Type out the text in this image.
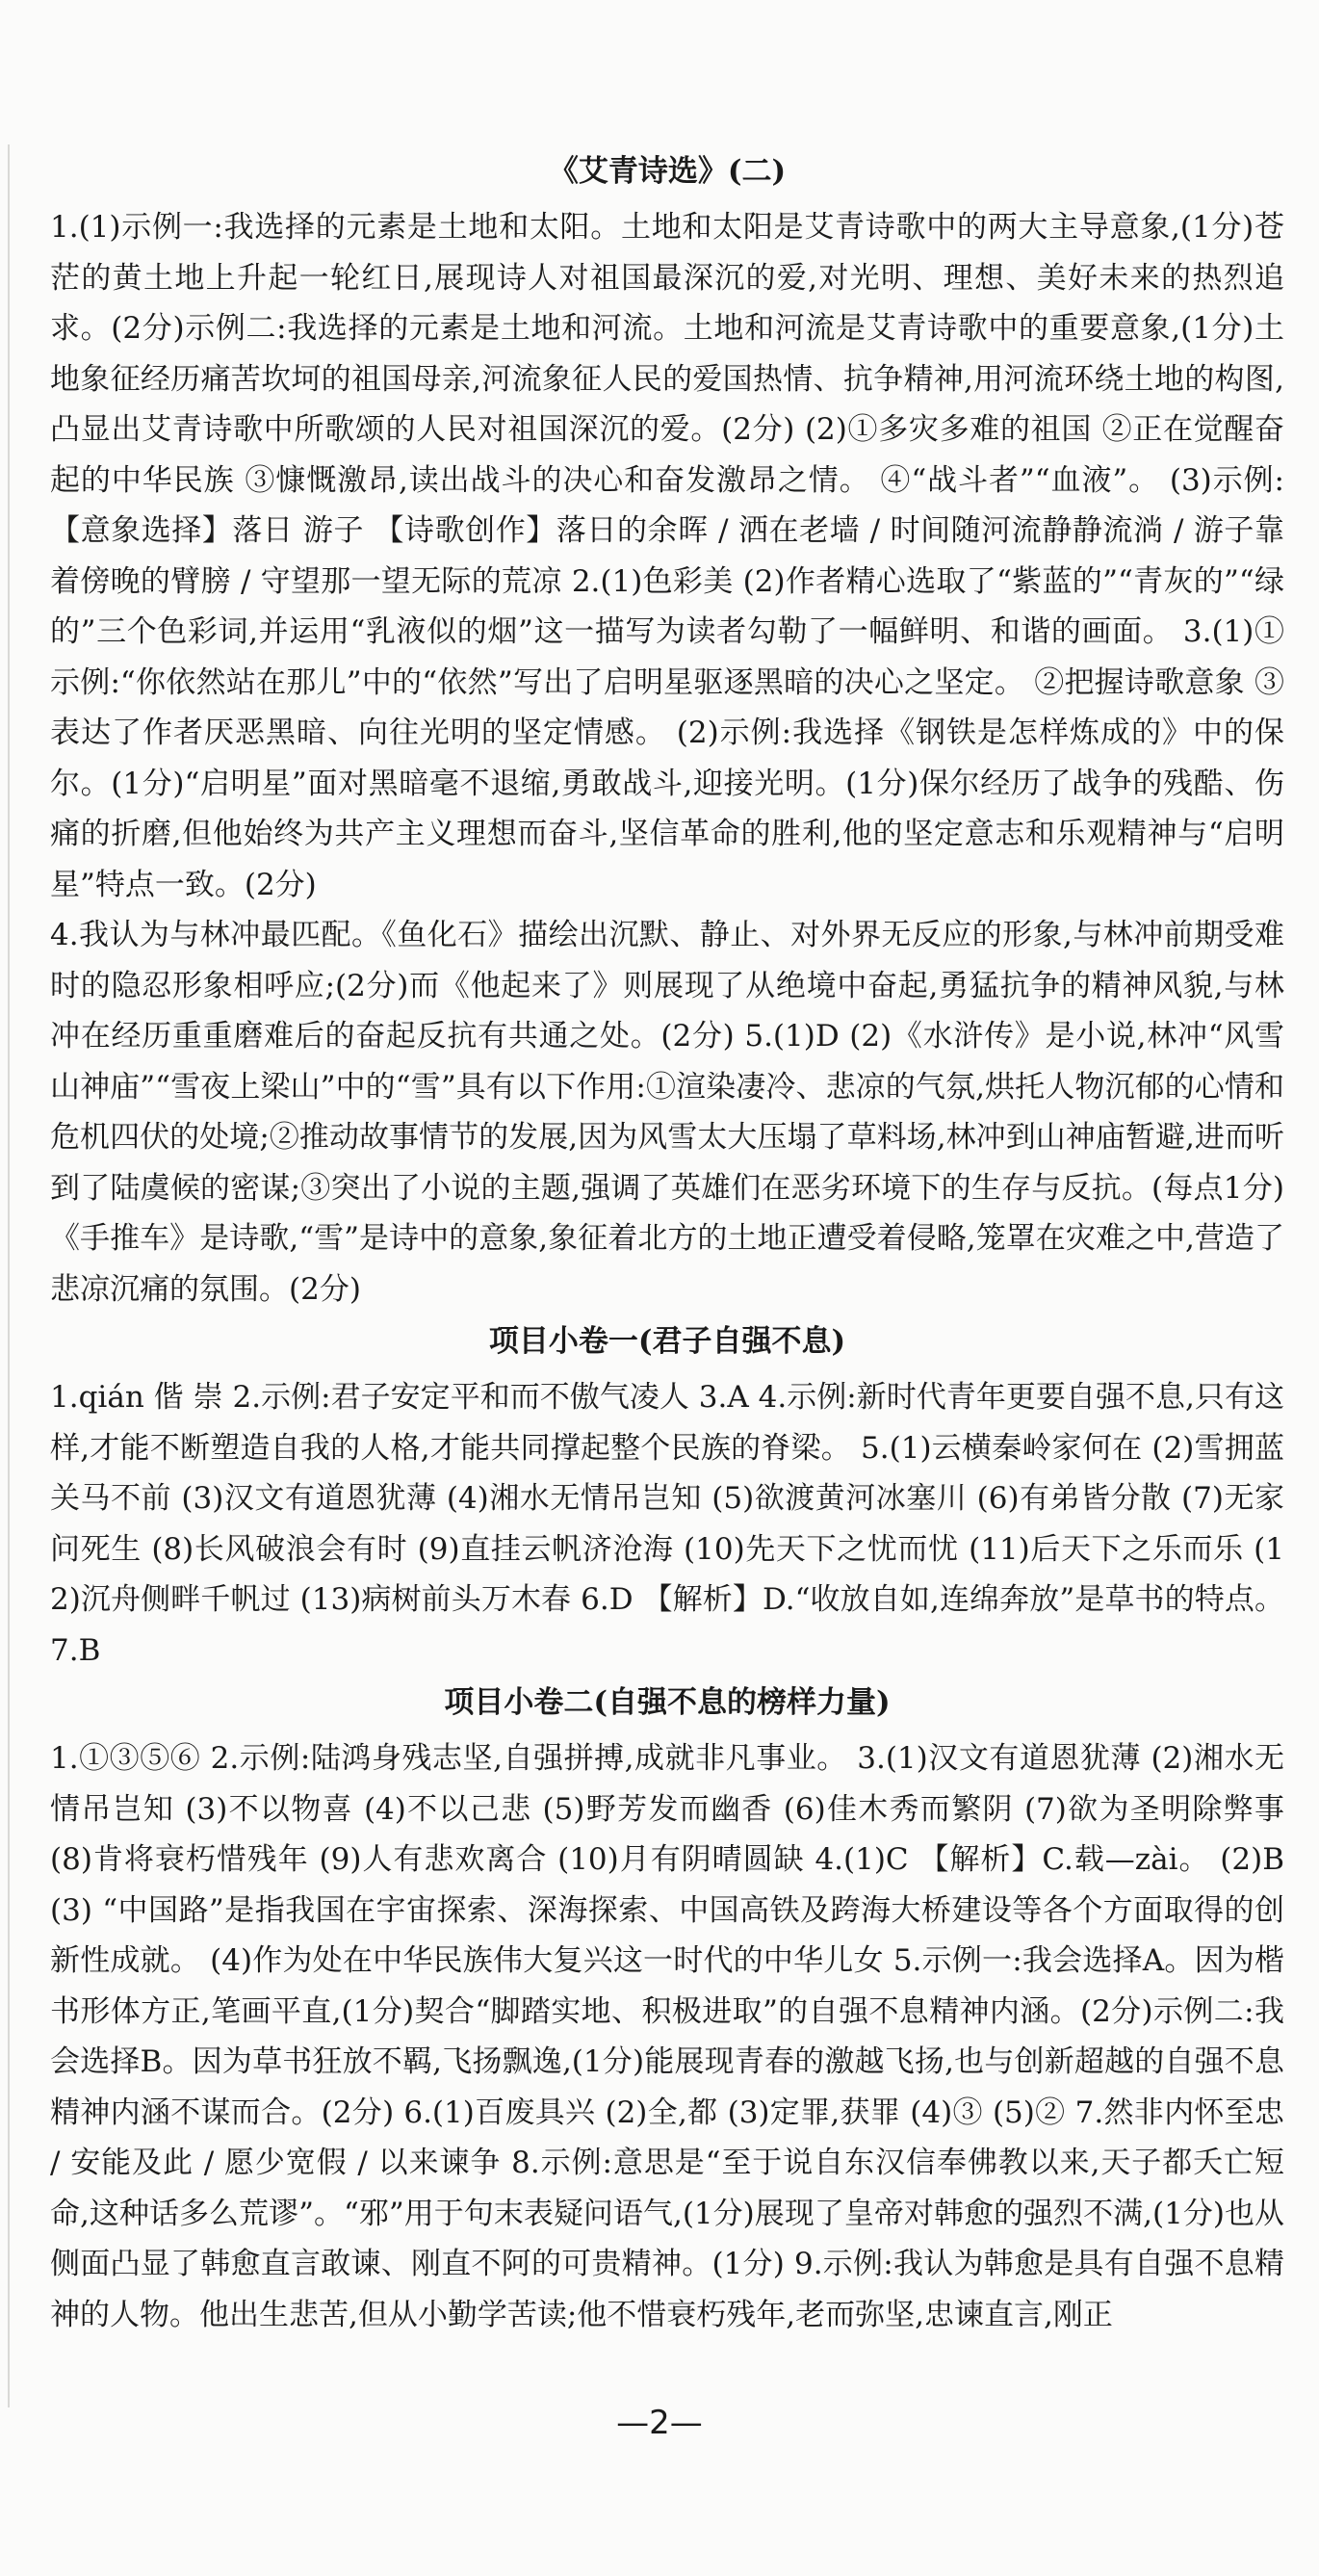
《艾青诗选》(二)

1.(1)示例一:我选择的元素是土地和太阳。土地和太阳是艾青诗歌中的两大主导意象,(1分)苍茫的黄土地上升起一轮红日,展现诗人对祖国最深沉的爱,对光明、理想、美好未来的热烈追求。(2分)示例二:我选择的元素是土地和河流。土地和河流是艾青诗歌中的重要意象,(1分)土地象征经历痛苦坎坷的祖国母亲,河流象征人民的爱国热情、抗争精神,用河流环绕土地的构图,凸显出艾青诗歌中所歌颂的人民对祖国深沉的爱。(2分) (2)①多灾多难的祖国 ②正在觉醒奋起的中华民族 ③慷慨激昂,读出战斗的决心和奋发激昂之情。 ④“战斗者”“血液”。 (3)示例:【意象选择】落日 游子 【诗歌创作】落日的余晖 / 洒在老墙 / 时间随河流静静流淌 / 游子靠着傍晚的臂膀 / 守望那一望无际的荒凉 2.(1)色彩美 (2)作者精心选取了“紫蓝的”“青灰的”“绿的”三个色彩词,并运用“乳液似的烟”这一描写为读者勾勒了一幅鲜明、和谐的画面。 3.(1)①示例:“你依然站在那儿”中的“依然”写出了启明星驱逐黑暗的决心之坚定。 ②把握诗歌意象 ③表达了作者厌恶黑暗、向往光明的坚定情感。 (2)示例:我选择《钢铁是怎样炼成的》中的保尔。(1分)“启明星”面对黑暗毫不退缩,勇敢战斗,迎接光明。(1分)保尔经历了战争的残酷、伤痛的折磨,但他始终为共产主义理想而奋斗,坚信革命的胜利,他的坚定意志和乐观精神与“启明星”特点一致。(2分)

4.我认为与林冲最匹配。《鱼化石》描绘出沉默、静止、对外界无反应的形象,与林冲前期受难时的隐忍形象相呼应;(2分)而《他起来了》则展现了从绝境中奋起,勇猛抗争的精神风貌,与林冲在经历重重磨难后的奋起反抗有共通之处。(2分) 5.(1)D (2)《水浒传》是小说,林冲“风雪山神庙”“雪夜上梁山”中的“雪”具有以下作用:①渲染凄冷、悲凉的气氛,烘托人物沉郁的心情和危机四伏的处境;②推动故事情节的发展,因为风雪太大压塌了草料场,林冲到山神庙暂避,进而听到了陆虞候的密谋;③突出了小说的主题,强调了英雄们在恶劣环境下的生存与反抗。(每点1分)《手推车》是诗歌,“雪”是诗中的意象,象征着北方的土地正遭受着侵略,笼罩在灾难之中,营造了悲凉沉痛的氛围。(2分)

项目小卷一(君子自强不息)

1.qián 偕 崇 2.示例:君子安定平和而不傲气凌人 3.A 4.示例:新时代青年更要自强不息,只有这样,才能不断塑造自我的人格,才能共同撑起整个民族的脊梁。 5.(1)云横秦岭家何在 (2)雪拥蓝关马不前 (3)汉文有道恩犹薄 (4)湘水无情吊岂知 (5)欲渡黄河冰塞川 (6)有弟皆分散 (7)无家问死生 (8)长风破浪会有时 (9)直挂云帆济沧海 (10)先天下之忧而忧 (11)后天下之乐而乐 (12)沉舟侧畔千帆过 (13)病树前头万木春 6.D 【解析】D.“收放自如,连绵奔放”是草书的特点。 7.B

项目小卷二(自强不息的榜样力量)

1.①③⑤⑥ 2.示例:陆鸿身残志坚,自强拼搏,成就非凡事业。 3.(1)汉文有道恩犹薄 (2)湘水无情吊岂知 (3)不以物喜 (4)不以己悲 (5)野芳发而幽香 (6)佳木秀而繁阴 (7)欲为圣明除弊事 (8)肯将衰朽惜残年 (9)人有悲欢离合 (10)月有阴晴圆缺 4.(1)C 【解析】C.载—zài。 (2)B (3) “中国路”是指我国在宇宙探索、深海探索、中国高铁及跨海大桥建设等各个方面取得的创新性成就。 (4)作为处在中华民族伟大复兴这一时代的中华儿女 5.示例一:我会选择A。因为楷书形体方正,笔画平直,(1分)契合“脚踏实地、积极进取”的自强不息精神内涵。(2分)示例二:我会选择B。因为草书狂放不羁,飞扬飘逸,(1分)能展现青春的激越飞扬,也与创新超越的自强不息精神内涵不谋而合。(2分) 6.(1)百废具兴 (2)全,都 (3)定罪,获罪 (4)③ (5)② 7.然非内怀至忠 / 安能及此 / 愿少宽假 / 以来谏争 8.示例:意思是“至于说自东汉信奉佛教以来,天子都夭亡短命,这种话多么荒谬”。“邪”用于句末表疑问语气,(1分)展现了皇帝对韩愈的强烈不满,(1分)也从侧面凸显了韩愈直言敢谏、刚直不阿的可贵精神。(1分) 9.示例:我认为韩愈是具有自强不息精神的人物。他出生悲苦,但从小勤学苦读;他不惜衰朽残年,老而弥坚,忠谏直言,刚正

—2—
